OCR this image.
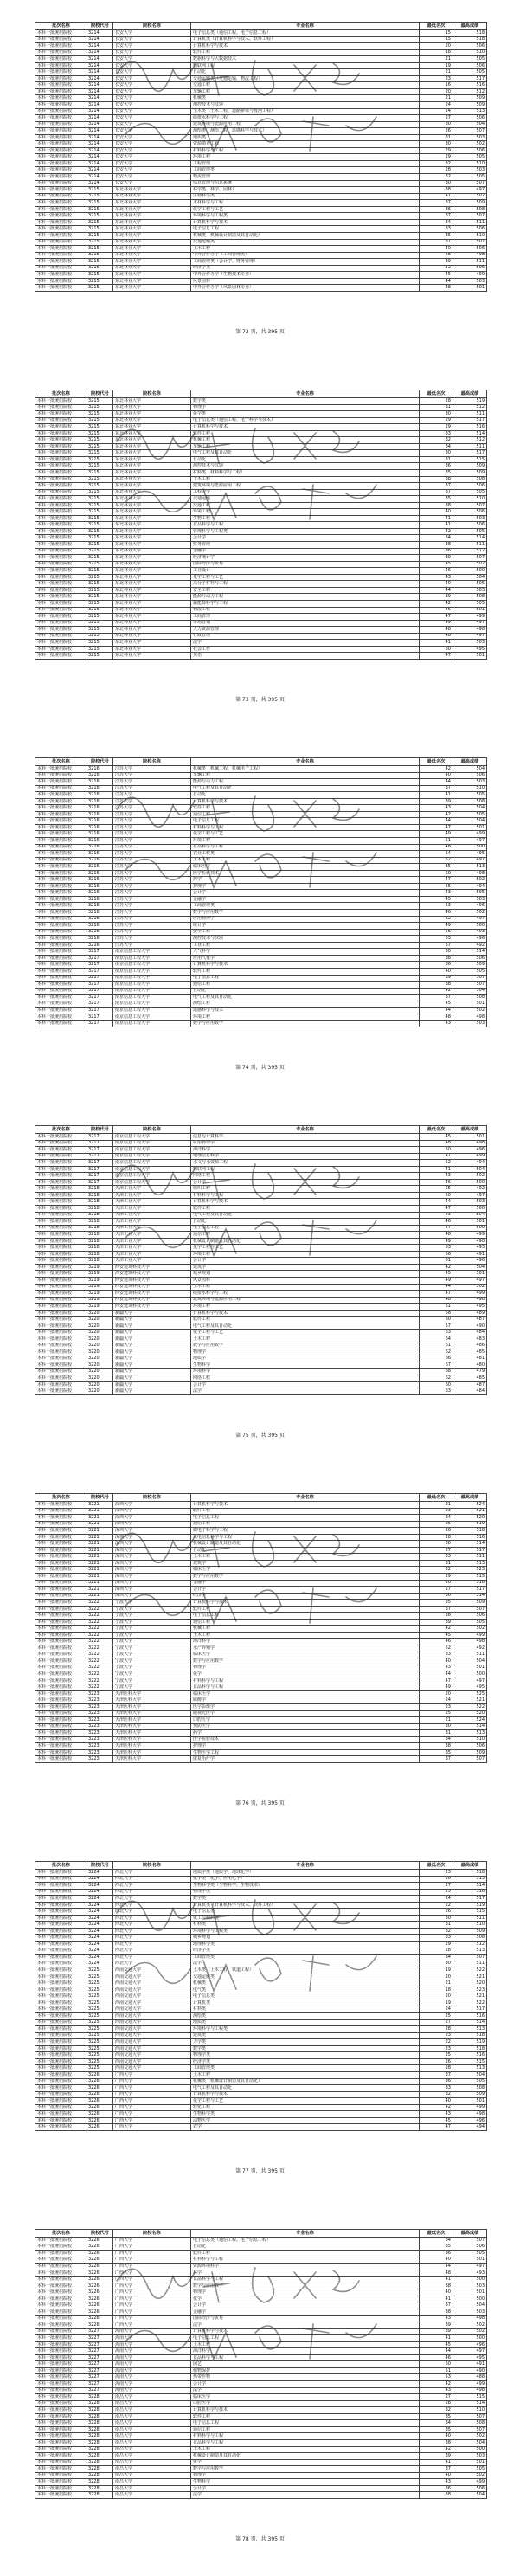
批次名称	院校代号	院校名称	专业名称	最低名次	最高成绩
本科一批统招院校	3214	长安大学	电子信息类（通信工程、电子信息工程）	15	518
本科一批统招院校	3214	长安大学	计算机类（计算机科学与技术、软件工程）	15	518
本科一批统招院校	3214	长安大学	计算机科学与技术	20	506
本科一批统招院校	3214	长安大学	软件工程	18	510
本科一批统招院校	3214	长安大学	数据科学与大数据技术	21	505
本科一批统招院校	3214	长安大学	物联网工程	19	506
本科一批统招院校	3214	长安大学	自动化	21	505
本科一批统招院校	3214	长安大学	交通运输类（交通运输、物流工程）	23	517
本科一批统招院校	3214	长安大学	交通工程	16	516
本科一批统招院校	3214	长安大学	车辆工程	20	512
本科一批统招院校	3214	长安大学	机械类	21	509
本科一批统招院校	3214	长安大学	测控技术与仪器	24	509
本科一批统招院校	3214	长安大学	土木类（土木工程、道路桥梁与渡河工程）	24	513
本科一批统招院校	3214	长安大学	给排水科学与工程	27	506
本科一批统招院校	3214	长安大学	建筑环境与能源应用工程	30	504
本科一批统招院校	3214	长安大学	测绘类（测绘工程、遥感科学与技术）	26	507
本科一批统招院校	3214	长安大学	地质类	31	503
本科一批统招院校	3214	长安大学	资源勘查工程	30	502
本科一批统招院校	3214	长安大学	材料科学与工程	29	506
本科一批统招院校	3214	长安大学	环境工程	29	505
本科一批统招院校	3214	长安大学	工程管理	32	510
本科一批统招院校	3214	长安大学	工商管理类	28	503
本科一批统招院校	3214	长安大学	物流管理	32	505
本科一批统招院校	3214	长安大学	信息管理与信息系统	30	507
本科一批统招院校	3215	东北林业大学	林学类（林学、园林）	38	497
本科一批统招院校	3215	东北林业大学	生物科学类	41	502
本科一批统招院校	3215	东北林业大学	木材科学与工程	37	509
本科一批统招院校	3215	东北林业大学	化学工程与工艺	36	508
本科一批统招院校	3215	东北林业大学	环境科学与工程类	37	507
本科一批统招院校	3215	东北林业大学	计算机科学与技术	34	511
本科一批统招院校	3215	东北林业大学	电子信息工程	33	506
本科一批统招院校	3215	东北林业大学	机械类（机械设计制造及其自动化）	35	510
本科一批统招院校	3215	东北林业大学	交通运输类	37	507
本科一批统招院校	3215	东北林业大学	土木工程	40	506
本科一批统招院校	3215	东北林业大学	中外合作办学（工商管理类）	48	498
本科一批统招院校	3215	东北林业大学	工商管理类（会计学、财务管理）	39	511
本科一批统招院校	3215	东北林业大学	经济学类	42	506
本科一批统招院校	3215	东北林业大学	中外合作办学（生物技术专业）	45	499
本科一批统招院校	3215	东北林业大学	风景园林	44	503
本科一批统招院校	3215	东北林业大学	中外合作办学（风景园林专业）	48	501
第 72 页，共 395 页
批次名称	院校代号	院校名称	专业名称	最低名次	最高成绩
本科一批统招院校	3215	东北林业大学	数学类	28	519
本科一批统招院校	3215	东北林业大学	物理学	31	512
本科一批统招院校	3215	东北林业大学	化学类	30	511
本科一批统招院校	3215	东北林业大学	电子信息类（通信工程、电子科学与技术）	29	517
本科一批统招院校	3215	东北林业大学	计算机科学与技术	29	516
本科一批统招院校	3215	东北林业大学	软件工程	33	514
本科一批统招院校	3215	东北林业大学	机械工程	32	512
本科一批统招院校	3215	东北林业大学	车辆工程	34	511
本科一批统招院校	3215	东北林业大学	电气工程及其自动化	30	517
本科一批统招院校	3215	东北林业大学	自动化	31	515
本科一批统招院校	3215	东北林业大学	测控技术与仪器	36	509
本科一批统招院校	3215	东北林业大学	材料类（材料科学与工程）	35	509
本科一批统招院校	3215	东北林业大学	土木工程	38	508
本科一批统招院校	3215	东北林业大学	建筑环境与能源应用工程	37	506
本科一批统招院校	3215	东北林业大学	工程力学	37	505
本科一批统招院校	3215	东北林业大学	交通运输	35	510
本科一批统招院校	3215	东北林业大学	交通工程	38	507
本科一批统招院校	3215	东北林业大学	环境工程	40	506
本科一批统招院校	3215	东北林业大学	生物工程	41	503
本科一批统招院校	3215	东北林业大学	食品科学与工程	41	506
本科一批统招院校	3215	东北林业大学	管理科学与工程类	42	505
本科一批统招院校	3215	东北林业大学	会计学	34	514
本科一批统招院校	3215	东北林业大学	财务管理	38	511
本科一批统招院校	3215	东北林业大学	金融学	36	512
本科一批统招院校	3215	东北林业大学	经济统计学	39	507
本科一批统招院校	3215	东北林业大学	国际经济与贸易	45	502
本科一批统招院校	3215	东北林业大学	工业设计	46	500
本科一批统招院校	3215	东北林业大学	化学工程与工艺	43	504
本科一批统招院校	3215	东北林业大学	高分子材料与工程	40	505
本科一批统招院校	3215	东北林业大学	安全工程	44	503
本科一批统招院校	3215	东北林业大学	能源与动力工程	39	508
本科一批统招院校	3215	东北林业大学	新能源科学与工程	42	505
本科一批统招院校	3215	东北林业大学	物流工程	46	501
本科一批统招院校	3215	东北林业大学	工商管理	47	499
本科一批统招院校	3215	东北林业大学	市场营销	49	497
本科一批统招院校	3215	东北林业大学	人力资源管理	48	498
本科一批统招院校	3215	东北林业大学	行政管理	48	497
本科一批统招院校	3215	东北林业大学	法学	41	503
本科一批统招院校	3215	东北林业大学	社会工作	50	495
本科一批统招院校	3215	东北林业大学	英语	47	501
第 73 页，共 395 页
批次名称	院校代号	院校名称	专业名称	最低名次	最高成绩
本科一批统招院校	3216	江苏大学	机械类（机械工程、机械电子工程）	42	504
本科一批统招院校	3216	江苏大学	车辆工程	40	506
本科一批统招院校	3216	江苏大学	能源与动力工程	44	503
本科一批统招院校	3216	江苏大学	电气工程及其自动化	37	510
本科一批统招院校	3216	江苏大学	自动化	41	505
本科一批统招院校	3216	江苏大学	计算机科学与技术	39	508
本科一批统招院校	3216	江苏大学	软件工程	43	504
本科一批统招院校	3216	江苏大学	通信工程	42	505
本科一批统招院校	3216	江苏大学	电子信息工程	44	504
本科一批统招院校	3216	江苏大学	材料科学与工程	47	501
本科一批统招院校	3216	江苏大学	化学工程与工艺	49	499
本科一批统招院校	3216	江苏大学	环境工程	51	497
本科一批统招院校	3216	江苏大学	食品科学与工程	48	500
本科一批统招院校	3216	江苏大学	农业工程类	54	495
本科一批统招院校	3216	江苏大学	土木工程	52	497
本科一批统招院校	3216	江苏大学	临床医学	35	513
本科一批统招院校	3216	江苏大学	医学检验技术	50	498
本科一批统招院校	3216	江苏大学	药学	47	502
本科一批统招院校	3216	江苏大学	护理学	55	494
本科一批统招院校	3216	江苏大学	会计学	43	505
本科一批统招院校	3216	江苏大学	金融学	45	503
本科一批统招院校	3216	江苏大学	工商管理类	53	496
本科一批统招院校	3216	江苏大学	数学与应用数学	46	502
本科一批统招院校	3216	江苏大学	应用物理学	52	497
本科一批统招院校	3216	江苏大学	统计学	49	500
本科一批统招院校	3216	江苏大学	安全工程	56	493
本科一批统招院校	3216	江苏大学	测控技术与仪器	53	496
本科一批统招院校	3216	江苏大学	工业工程	57	492
本科一批统招院校	3217	南京信息工程大学	大气科学	30	514
本科一批统招院校	3217	南京信息工程大学	应用气象学	38	506
本科一批统招院校	3217	南京信息工程大学	计算机科学与技术	36	509
本科一批统招院校	3217	南京信息工程大学	软件工程	40	505
本科一批统招院校	3217	南京信息工程大学	电子信息工程	39	507
本科一批统招院校	3217	南京信息工程大学	通信工程	38	507
本科一批统招院校	3217	南京信息工程大学	自动化	42	504
本科一批统招院校	3217	南京信息工程大学	电气工程及其自动化	37	508
本科一批统招院校	3217	南京信息工程大学	测绘工程	45	501
本科一批统招院校	3217	南京信息工程大学	遥感科学与技术	44	502
本科一批统招院校	3217	南京信息工程大学	环境工程	48	498
本科一批统招院校	3217	南京信息工程大学	数学与应用数学	43	503
第 74 页，共 395 页
批次名称	院校代号	院校名称	专业名称	最低名次	最高成绩
本科一批统招院校	3217	南京信息工程大学	信息与计算科学	45	501
本科一批统招院校	3217	南京信息工程大学	应用物理学	48	498
本科一批统招院校	3217	南京信息工程大学	海洋科学	50	496
本科一批统招院校	3217	南京信息工程大学	地理信息科学	47	499
本科一批统招院校	3217	南京信息工程大学	水文与水资源工程	52	494
本科一批统招院校	3217	南京信息工程大学	物联网工程	41	504
本科一批统招院校	3217	南京信息工程大学	网络工程	43	502
本科一批统招院校	3217	南京信息工程大学	会计学	46	500
本科一批统招院校	3218	天津工业大学	纺织工程	55	492
本科一批统招院校	3218	天津工业大学	材料科学与工程	50	497
本科一批统招院校	3218	天津工业大学	计算机科学与技术	44	503
本科一批统招院校	3218	天津工业大学	软件工程	47	500
本科一批统招院校	3218	天津工业大学	电气工程及其自动化	43	504
本科一批统招院校	3218	天津工业大学	自动化	46	501
本科一批统招院校	3218	天津工业大学	电子信息工程	47	500
本科一批统招院校	3218	天津工业大学	通信工程	48	499
本科一批统招院校	3218	天津工业大学	机械设计制造及其自动化	49	498
本科一批统招院校	3218	天津工业大学	化学工程与工艺	53	493
本科一批统招院校	3218	天津工业大学	环境工程	56	491
本科一批统招院校	3218	天津工业大学	会计学	51	496
本科一批统招院校	3219	西安建筑科技大学	建筑学	42	504
本科一批统招院校	3219	西安建筑科技大学	城乡规划	45	501
本科一批统招院校	3219	西安建筑科技大学	风景园林	49	497
本科一批统招院校	3219	西安建筑科技大学	土木工程	44	502
本科一批统招院校	3219	西安建筑科技大学	给排水科学与工程	47	499
本科一批统招院校	3219	西安建筑科技大学	建筑环境与能源应用工程	48	498
本科一批统招院校	3219	西安建筑科技大学	环境工程	51	495
本科一批统招院校	3220	新疆大学	计算机科学与技术	58	489
本科一批统招院校	3220	新疆大学	软件工程	60	487
本科一批统招院校	3220	新疆大学	电气工程及其自动化	57	490
本科一批统招院校	3220	新疆大学	化学工程与工艺	63	484
本科一批统招院校	3220	新疆大学	土木工程	64	483
本科一批统招院校	3220	新疆大学	数学与应用数学	61	486
本科一批统招院校	3220	新疆大学	物理学	62	485
本科一批统招院校	3220	新疆大学	地质学	66	481
本科一批统招院校	3220	新疆大学	生物科学	67	480
本科一批统招院校	3220	新疆大学	环境科学	68	479
本科一批统招院校	3220	新疆大学	网络工程	62	485
本科一批统招院校	3220	新疆大学	会计学	60	487
本科一批统招院校	3220	新疆大学	法学	63	484
第 75 页，共 395 页
批次名称	院校代号	院校名称	专业名称	最低名次	最高成绩
本科一批统招院校	3221	深圳大学	计算机科学与技术	21	524
本科一批统招院校	3221	深圳大学	软件工程	23	521
本科一批统招院校	3221	深圳大学	电子信息工程	24	520
本科一批统招院校	3221	深圳大学	通信工程	25	519
本科一批统招院校	3221	深圳大学	微电子科学与工程	26	518
本科一批统招院校	3221	深圳大学	光电信息科学与工程	28	516
本科一批统招院校	3221	深圳大学	机械设计制造及其自动化	30	514
本科一批统招院校	3221	深圳大学	自动化	27	517
本科一批统招院校	3221	深圳大学	土木工程	33	511
本科一批统招院校	3221	深圳大学	建筑学	31	513
本科一批统招院校	3221	深圳大学	临床医学	22	523
本科一批统招院校	3221	深圳大学	数学与应用数学	29	515
本科一批统招院校	3221	深圳大学	金融学	26	518
本科一批统招院校	3221	深圳大学	会计学	27	517
本科一批统招院校	3221	深圳大学	经济学	30	514
本科一批统招院校	3222	宁波大学	计算机科学与技术	35	509
本科一批统招院校	3222	宁波大学	软件工程	37	507
本科一批统招院校	3222	宁波大学	电子信息工程	38	506
本科一批统招院校	3222	宁波大学	通信工程	39	505
本科一批统招院校	3222	宁波大学	机械工程	42	502
本科一批统招院校	3222	宁波大学	土木工程	45	499
本科一批统招院校	3222	宁波大学	海洋科学	46	498
本科一批统招院校	3222	宁波大学	水产养殖学	52	492
本科一批统招院校	3222	宁波大学	临床医学	33	511
本科一批统招院校	3222	宁波大学	数学与应用数学	40	504
本科一批统招院校	3222	宁波大学	物理学	43	501
本科一批统招院校	3222	宁波大学	化学	44	500
本科一批统招院校	3222	宁波大学	材料科学与工程	47	497
本科一批统招院校	3222	宁波大学	食品科学与工程	49	495
本科一批统招院校	3223	天津医科大学	临床医学	20	525
本科一批统招院校	3223	天津医科大学	麻醉学	24	521
本科一批统招院校	3223	天津医科大学	医学影像学	23	522
本科一批统招院校	3223	天津医科大学	眼视光医学	25	520
本科一批统招院校	3223	天津医科大学	口腔医学	21	524
本科一批统招院校	3223	天津医科大学	预防医学	30	514
本科一批统招院校	3223	天津医科大学	药学	31	513
本科一批统招院校	3223	天津医科大学	医学检验技术	34	510
本科一批统招院校	3223	天津医科大学	护理学	38	506
本科一批统招院校	3223	天津医科大学	生物医学工程	35	509
本科一批统招院校	3223	天津医科大学	康复治疗学	37	507
第 76 页，共 395 页
批次名称	院校代号	院校名称	专业名称	最低名次	最高成绩
本科一批统招院校	3224	西北大学	地质学类（地质学、地球化学）	23	518
本科一批统招院校	3224	西北大学	化学类（化学、应用化学）	26	515
本科一批统招院校	3224	西北大学	生物科学类（生物科学、生物技术）	27	514
本科一批统招院校	3224	西北大学	物理学类	25	516
本科一批统招院校	3224	西北大学	数学类	24	517
本科一批统招院校	3224	西北大学	计算机类（计算机科学与技术、软件工程）	22	519
本科一批统招院校	3224	西北大学	电子信息类	26	515
本科一批统招院校	3224	西北大学	化工与制药类	30	511
本科一批统招院校	3224	西北大学	材料类	31	510
本科一批统招院校	3224	西北大学	环境科学与工程类	32	509
本科一批统招院校	3224	西北大学	城乡规划	33	508
本科一批统招院校	3224	西北大学	地理科学类	29	512
本科一批统招院校	3224	西北大学	经济学类	28	513
本科一批统招院校	3224	西北大学	工商管理类	34	507
本科一批统招院校	3224	西北大学	法学	30	511
本科一批统招院校	3225	西南交通大学	土木类（土木工程、铁道工程）	19	522
本科一批统招院校	3225	西南交通大学	交通运输类	20	521
本科一批统招院校	3225	西南交通大学	机械类	21	520
本科一批统招院校	3225	西南交通大学	电气类	18	523
本科一批统招院校	3225	西南交通大学	电子信息类	20	521
本科一批统招院校	3225	西南交通大学	计算机类	19	522
本科一批统招院校	3225	西南交通大学	材料类	24	517
本科一批统招院校	3225	西南交通大学	测绘类	25	516
本科一批统招院校	3225	西南交通大学	地质类	27	514
本科一批统招院校	3225	西南交通大学	环境科学与工程类	28	513
本科一批统招院校	3225	西南交通大学	建筑类	23	518
本科一批统招院校	3225	西南交通大学	力学类	22	519
本科一批统招院校	3225	西南交通大学	数学类	23	518
本科一批统招院校	3225	西南交通大学	物理学类	25	516
本科一批统招院校	3225	西南交通大学	经济学类	26	515
本科一批统招院校	3225	西南交通大学	工商管理类	28	513
本科一批统招院校	3226	广西大学	土木工程	37	504
本科一批统招院校	3226	广西大学	机械类（机械设计制造及其自动化）	36	505
本科一批统招院校	3226	广西大学	电气工程及其自动化	33	508
本科一批统招院校	3226	广西大学	计算机科学与技术	32	509
本科一批统招院校	3226	广西大学	化学工程与工艺	40	501
本科一批统招院校	3226	广西大学	轻化工程	42	499
本科一批统招院校	3226	广西大学	生物科学类	43	498
本科一批统招院校	3226	广西大学	动物医学	45	496
本科一批统招院校	3226	广西大学	农学	47	494
第 77 页，共 395 页
批次名称	院校代号	院校名称	专业名称	最低名次	最高成绩
本科一批统招院校	3226	广西大学	电子信息类（通信工程、电子信息工程）	34	507
本科一批统招院校	3226	广西大学	自动化	35	506
本科一批统招院校	3226	广西大学	软件工程	36	505
本科一批统招院校	3226	广西大学	材料科学与工程	40	501
本科一批统招院校	3226	广西大学	资源环境科学	44	497
本科一批统招院校	3226	广西大学	林学	48	493
本科一批统招院校	3226	广西大学	食品科学与工程	41	500
本科一批统招院校	3226	广西大学	数学与应用数学	38	503
本科一批统招院校	3226	广西大学	物理学	40	501
本科一批统招院校	3226	广西大学	化学	41	500
本科一批统招院校	3226	广西大学	会计学	37	504
本科一批统招院校	3226	广西大学	金融学	38	503
本科一批统招院校	3226	广西大学	国际经济与贸易	43	498
本科一批统招院校	3226	广西大学	法学	39	502
本科一批统招院校	3227	海南大学	计算机科学与技术	39	502
本科一批统招院校	3227	海南大学	电子信息工程	41	500
本科一批统招院校	3227	海南大学	土木工程	45	496
本科一批统招院校	3227	海南大学	海洋科学	44	497
本科一批统招院校	3227	海南大学	食品科学与工程	46	495
本科一批统招院校	3227	海南大学	园艺	50	491
本科一批统招院校	3227	海南大学	植物保护	51	490
本科一批统招院校	3227	海南大学	热带作物	53	488
本科一批统招院校	3227	海南大学	会计学	42	499
本科一批统招院校	3227	海南大学	法学	43	498
本科一批统招院校	3228	南昌大学	临床医学	27	515
本科一批统招院校	3228	南昌大学	口腔医学	28	514
本科一批统招院校	3228	南昌大学	计算机科学与技术	32	510
本科一批统招院校	3228	南昌大学	软件工程	35	507
本科一批统招院校	3228	南昌大学	电子信息工程	34	508
本科一批统招院校	3228	南昌大学	通信工程	35	507
本科一批统招院校	3228	南昌大学	材料科学与工程	40	502
本科一批统招院校	3228	南昌大学	食品科学与工程	38	504
本科一批统招院校	3228	南昌大学	土木工程	42	500
本科一批统招院校	3228	南昌大学	机械设计制造及其自动化	39	503
本科一批统招院校	3228	南昌大学	化学	41	501
本科一批统招院校	3228	南昌大学	数学与应用数学	37	505
本科一批统招院校	3228	南昌大学	物理学	40	502
本科一批统招院校	3228	南昌大学	生物科学	43	499
本科一批统招院校	3228	南昌大学	会计学	36	506
本科一批统招院校	3228	南昌大学	法学	38	504
第 78 页，共 395 页
